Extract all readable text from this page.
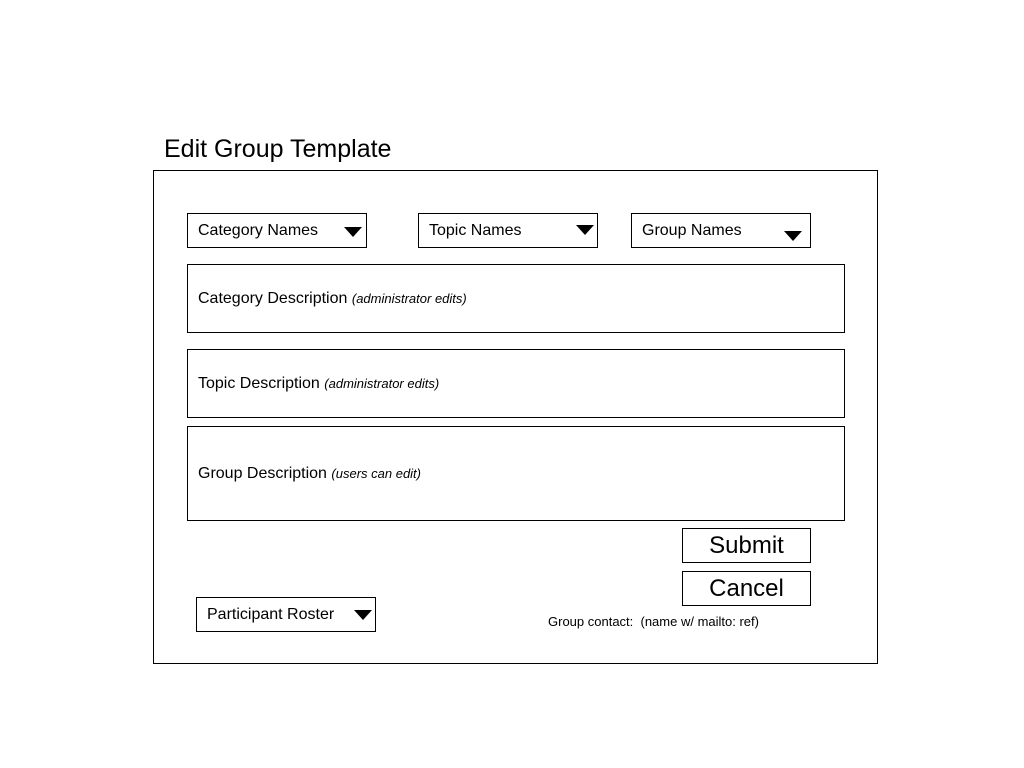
Edit Group Template
Category Names	Topic Names	Group Names
Category Description (administrator edits)
Topic Description (administrator edits)
Group Description (users can edit)
Submit
Cancel
Participant Roster	Group contact:  (name w/ mailto: ref)
